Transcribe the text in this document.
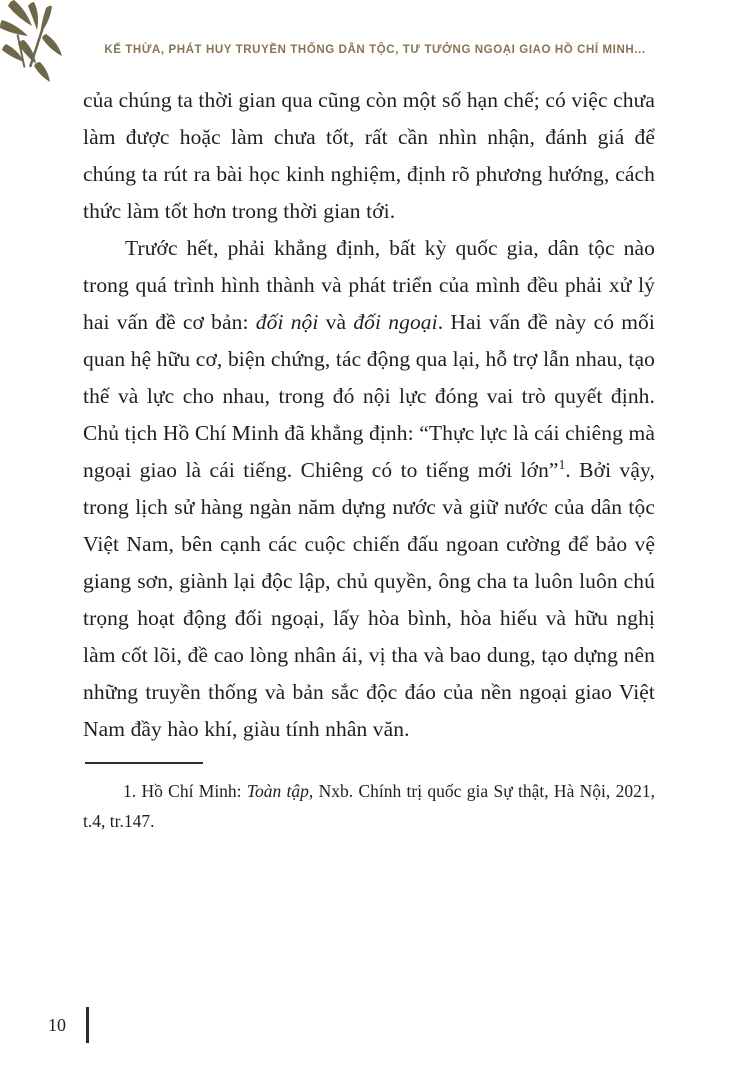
KẾ THỪA, PHÁT HUY TRUYỀN THỐNG DÂN TỘC, TƯ TƯỞNG NGOẠI GIAO HỒ CHÍ MINH...

của chúng ta thời gian qua cũng còn một số hạn chế; có việc chưa làm được hoặc làm chưa tốt, rất cần nhìn nhận, đánh giá để chúng ta rút ra bài học kinh nghiệm, định rõ phương hướng, cách thức làm tốt hơn trong thời gian tới.

Trước hết, phải khẳng định, bất kỳ quốc gia, dân tộc nào trong quá trình hình thành và phát triển của mình đều phải xử lý hai vấn đề cơ bản: đối nội và đối ngoại. Hai vấn đề này có mối quan hệ hữu cơ, biện chứng, tác động qua lại, hỗ trợ lẫn nhau, tạo thế và lực cho nhau, trong đó nội lực đóng vai trò quyết định. Chủ tịch Hồ Chí Minh đã khẳng định: “Thực lực là cái chiêng mà ngoại giao là cái tiếng. Chiêng có to tiếng mới lớn”$^1$. Bởi vậy, trong lịch sử hàng ngàn năm dựng nước và giữ nước của dân tộc Việt Nam, bên cạnh các cuộc chiến đấu ngoan cường để bảo vệ giang sơn, giành lại độc lập, chủ quyền, ông cha ta luôn luôn chú trọng hoạt động đối ngoại, lấy hòa bình, hòa hiếu và hữu nghị làm cốt lõi, đề cao lòng nhân ái, vị tha và bao dung, tạo dựng nên những truyền thống và bản sắc độc đáo của nền ngoại giao Việt Nam đầy hào khí, giàu tính nhân văn.

1. Hồ Chí Minh: Toàn tập, Nxb. Chính trị quốc gia Sự thật, Hà Nội, 2021, t.4, tr.147.

10
